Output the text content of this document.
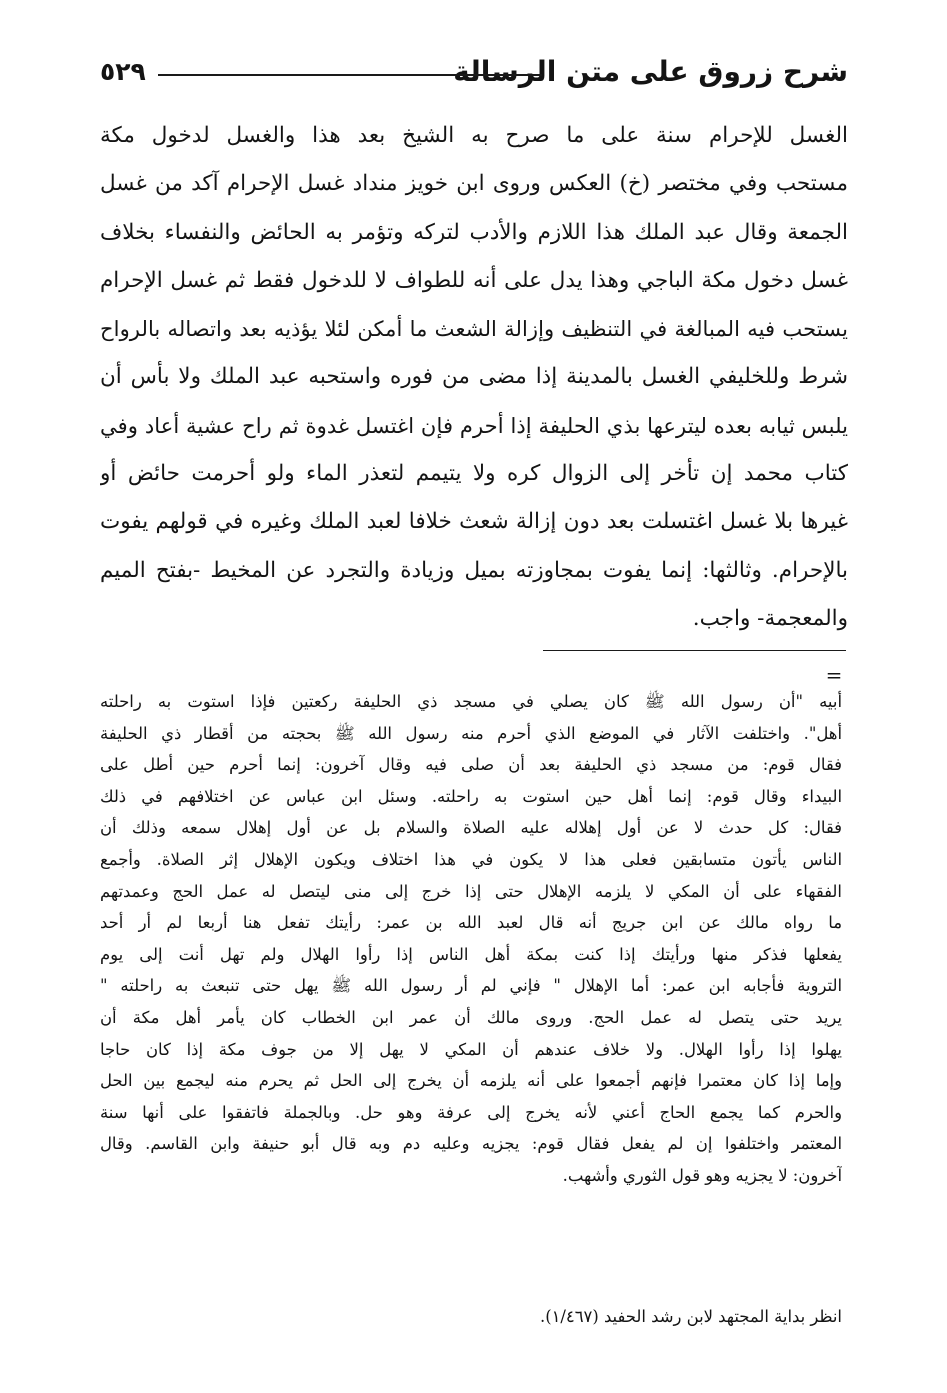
شرح زروق على متن الرسالة
٥٢٩
الغسل للإحرام سنة على ما صرح به الشيخ بعد هذا والغسل لدخول مكة
مستحب وفي مختصر (خ) العكس وروى ابن خويز منداد غسل الإحرام آكد من غسل
الجمعة وقال عبد الملك هذا اللازم والأدب لتركه وتؤمر به الحائض والنفساء بخلاف
غسل دخول مكة الباجي وهذا يدل على أنه للطواف لا للدخول فقط ثم غسل الإحرام
يستحب فيه المبالغة في التنظيف وإزالة الشعث ما أمكن لئلا يؤذيه بعد واتصاله بالرواح
شرط وللخليفي الغسل بالمدينة إذا مضى من فوره واستحبه عبد الملك ولا بأس أن
يلبس ثيابه بعده ليترعها بذي الحليفة إذا أحرم فإن اغتسل غدوة ثم راح عشية أعاد وفي
كتاب محمد إن تأخر إلى الزوال كره ولا يتيمم لتعذر الماء ولو أحرمت حائض أو
غيرها بلا غسل اغتسلت بعد دون إزالة شعث خلافا لعبد الملك وغيره في قولهم يفوت
بالإحرام. وثالثها: إنما يفوت بمجاوزته بميل وزيادة والتجرد عن المخيط -بفتح الميم
والمعجمة- واجب.
=
أبيه "أن رسول الله ﷺ كان يصلي في مسجد ذي الحليفة ركعتين فإذا استوت به راحلته
أهل". واختلفت الآثار في الموضع الذي أحرم منه رسول الله ﷺ بحجته من أقطار ذي الحليفة
فقال قوم: من مسجد ذي الحليفة بعد أن صلى فيه وقال آخرون: إنما أحرم حين أطل على
البيداء وقال قوم: إنما أهل حين استوت به راحلته. وسئل ابن عباس عن اختلافهم في ذلك
فقال: كل حدث لا عن أول إهلاله عليه الصلاة والسلام بل عن أول إهلال سمعه وذلك أن
الناس يأتون متسابقين فعلى هذا لا يكون في هذا اختلاف ويكون الإهلال إثر الصلاة. وأجمع
الفقهاء على أن المكي لا يلزمه الإهلال حتى إذا خرج إلى منى ليتصل له عمل الحج وعمدتهم
ما رواه مالك عن ابن جريج أنه قال لعبد الله بن عمر: رأيتك تفعل هنا أربعا لم أر أحد
يفعلها فذكر منها ورأيتك إذا كنت بمكة أهل الناس إذا رأوا الهلال ولم تهل أنت إلى يوم
التروية فأجابه ابن عمر: أما الإهلال " فإني لم أر رسول الله ﷺ يهل حتى تنبعث به راحلته "
يريد حتى يتصل له عمل الحج. وروى مالك أن عمر ابن الخطاب كان يأمر أهل مكة أن
يهلوا إذا رأوا الهلال. ولا خلاف عندهم أن المكي لا يهل إلا من جوف مكة إذا كان حاجا
وإما إذا كان معتمرا فإنهم أجمعوا على أنه يلزمه أن يخرج إلى الحل ثم يحرم منه ليجمع بين الحل
والحرم كما يجمع الحاج أعني لأنه يخرج إلى عرفة وهو حل. وبالجملة فاتفقوا على أنها سنة
المعتمر واختلفوا إن لم يفعل فقال قوم: يجزيه وعليه دم وبه قال أبو حنيفة وابن القاسم. وقال
آخرون: لا يجزيه وهو قول الثوري وأشهب.
انظر بداية المجتهد لابن رشد الحفيد (١/٤٦٧).
